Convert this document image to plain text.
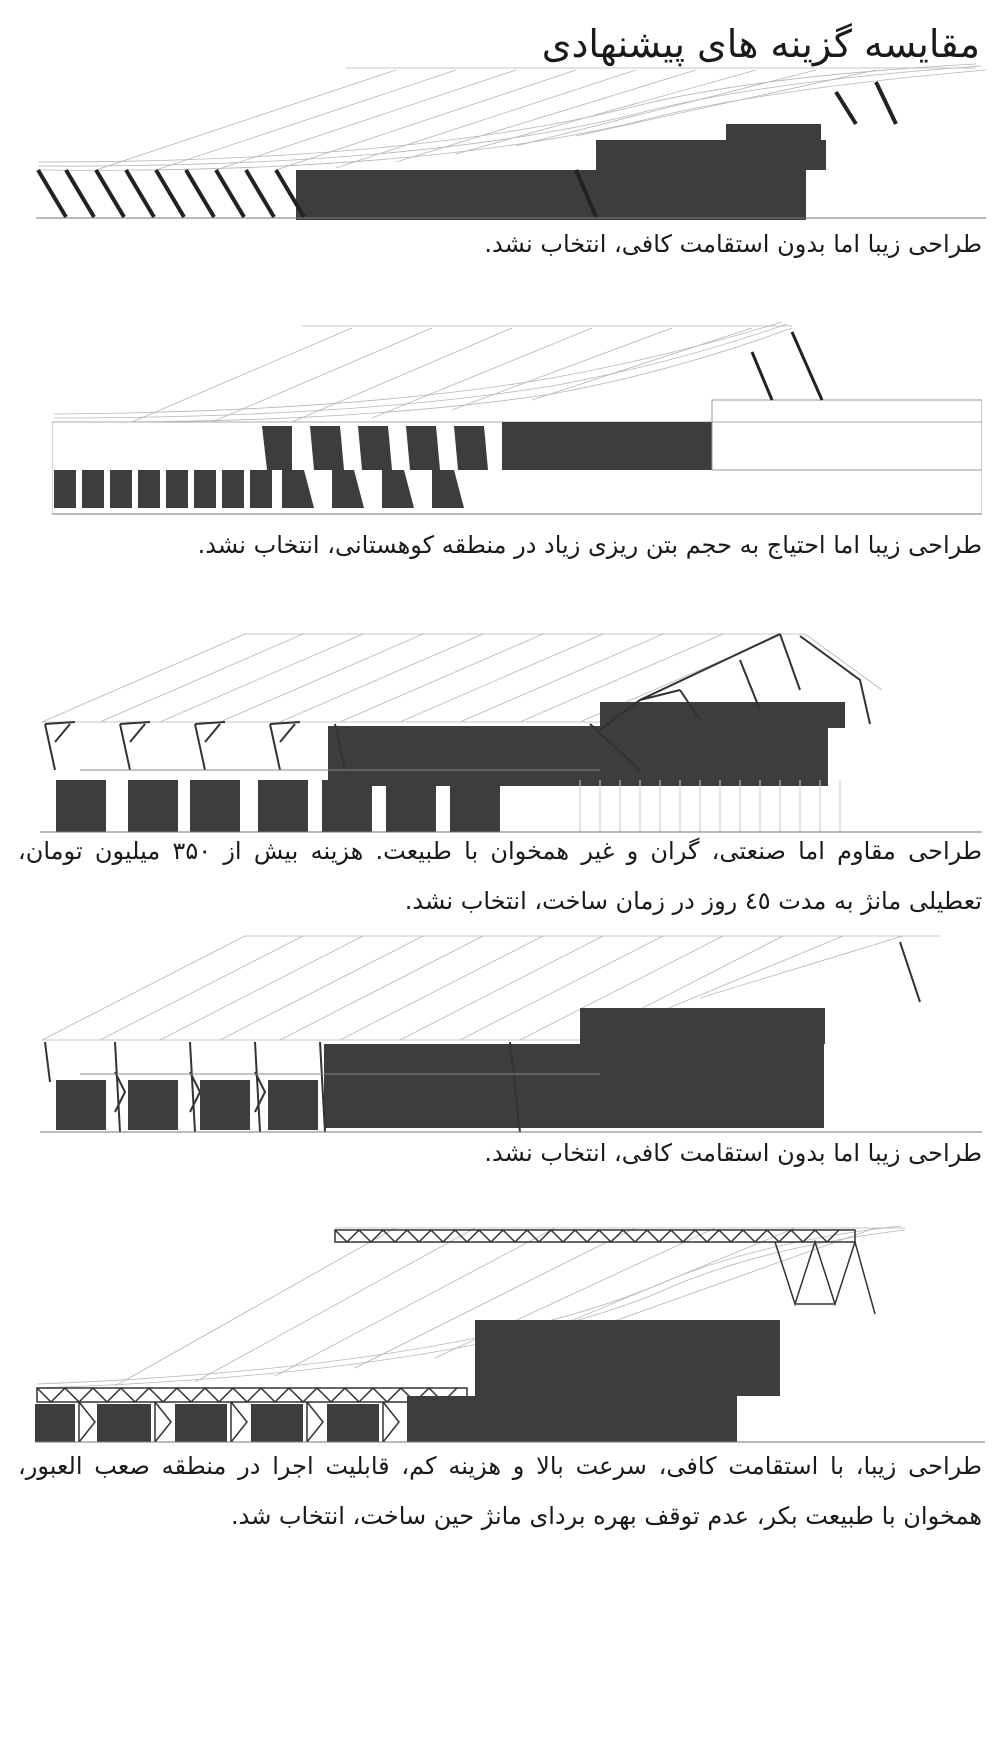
مقایسه گزینه های پیشنهادی
طراحی زیبا اما بدون استقامت کافی، انتخاب نشد.
طراحی زیبا اما احتیاج به حجم بتن ریزی زیاد در منطقه کوهستانی، انتخاب نشد.
طراحی مقاوم اما صنعتی، گران و غیر همخوان با طبیعت. هزینه بیش از ۳۵۰ میلیون تومان، تعطیلی مانژ به مدت ٤٥ روز در زمان ساخت، انتخاب نشد.
طراحی زیبا اما بدون استقامت کافی، انتخاب نشد.
طراحی زیبا، با استقامت کافی، سرعت بالا و هزینه کم، قابلیت اجرا در منطقه صعب العبور، همخوان با طبیعت بکر، عدم توقف بهره بردای مانژ حین ساخت، انتخاب شد.
